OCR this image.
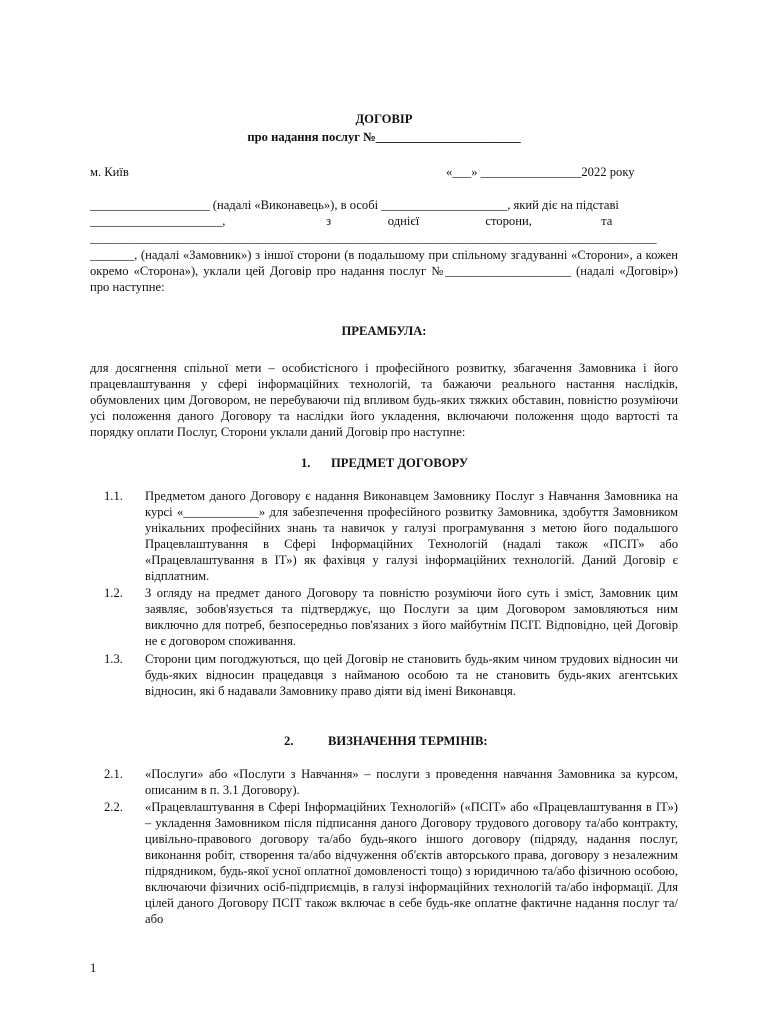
ДОГОВІР
про надання послуг №_______________________
м. Київ	«___» ________________2022 року
___________________ (надалі «Виконавець»), в особі ____________________, який діє на підставі
_____________________,                                з                  однієї                     сторони,                      та
__________________________________________________________________________________________

_______, (надалі «Замовник») з іншої сторони (в подальшому при спільному згадуванні «Сторони», а кожен окремо «Сторона»), уклали цей Договір про надання послуг №____________________ (надалі «Договір») про наступне:

ПРЕАМБУЛА:

для досягнення спільної мети – особистісного і професійного розвитку, збагачення Замовника і його працевлаштування у сфері інформаційних технологій, та бажаючи реального настання наслідків, обумовлених цим Договором, не перебуваючи під впливом будь-яких тяжких обставин, повністю розуміючи усі положення даного Договору та наслідки його укладення, включаючи положення щодо вартості та порядку оплати Послуг, Сторони уклали даний Договір про наступне:

1. ПРЕДМЕТ ДОГОВОРУ
1.1. Предметом даного Договору є надання Виконавцем Замовнику Послуг з Навчання Замовника на курсі «____________» для забезпечення професійного розвитку Замовника, здобуття Замовником унікальних професійних знань та навичок у галузі програмування з метою його подальшого Працевлаштування в Сфері Інформаційних Технологій (надалі також «ПСІТ» або «Працевлаштування в ІТ») як фахівця у галузі інформаційних технологій. Даний Договір є відплатним.

1.2. З огляду на предмет даного Договору та повністю розуміючи його суть і зміст, Замовник цим заявляє, зобов'язується та підтверджує, що Послуги за цим Договором замовляються ним виключно для потреб, безпосередньо пов'язаних з його майбутнім ПСІТ. Відповідно, цей Договір не є договором споживання.

1.3. Сторони цим погоджуються, що цей Договір не становить будь-яким чином трудових відносин чи будь-яких відносин працедавця з найманою особою та не становить будь-яких агентських відносин, які б надавали Замовнику право діяти від імені Виконавця.

2.	ВИЗНАЧЕННЯ ТЕРМІНІВ:
2.1. «Послуги» або «Послуги з Навчання» – послуги з проведення навчання Замовника за курсом, описаним в п. 3.1 Договору).

2.2. «Працевлаштування в Сфері Інформаційних Технологій» («ПСІТ» або «Працевлаштування в ІТ») – укладення Замовником після підписання даного Договору трудового договору та/або контракту, цивільно-правового договору та/або будь-якого іншого договору (підряду, надання послуг, виконання робіт, створення та/або відчуження об'єктів авторського права, договору з незалежним підрядником, будь-якої усної оплатної домовленості тощо) з юридичною та/або фізичною особою, включаючи фізичних осіб-підприємців, в галузі інформаційних технологій та/або інформації. Для цілей даного Договору ПСІТ також включає в себе будь-яке оплатне фактичне надання послуг та/або

1
